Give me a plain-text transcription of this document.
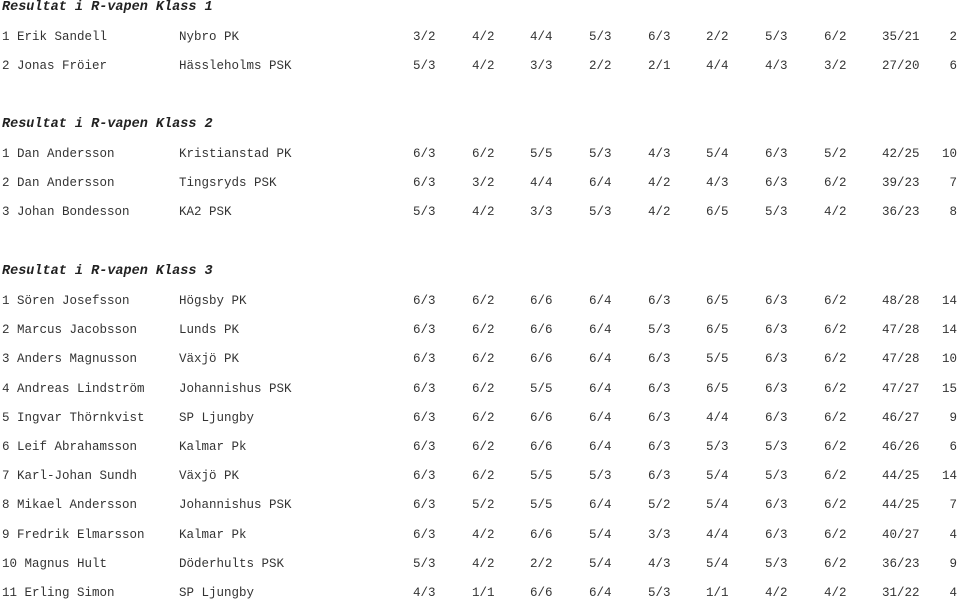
Resultat i R-vapen Klass 1
1 Erik Sandell	Nybro PK	3/2	4/2	4/4	5/3	6/3	2/2	5/3	6/2	35/21 2
2 Jonas Fröier	Hässleholms PSK	5/3	4/2	3/3	2/2	2/1	4/4	4/3	3/2	27/20 6
Resultat i R-vapen Klass 2
1 Dan Andersson	Kristianstad PK	6/3	6/2	5/5	5/3	4/3	5/4	6/3	5/2	42/25 10
2 Dan Andersson	Tingsryds PSK	6/3	3/2	4/4	6/4	4/2	4/3	6/3	6/2	39/23 7
3 Johan Bondesson	KA2 PSK	5/3	4/2	3/3	5/3	4/2	6/5	5/3	4/2	36/23 8
Resultat i R-vapen Klass 3
1 Sören Josefsson	Högsby PK	6/3	6/2	6/6	6/4	6/3	6/5	6/3	6/2	48/28 14
2 Marcus Jacobsson	Lunds PK	6/3	6/2	6/6	6/4	5/3	6/5	6/3	6/2	47/28 14
3 Anders Magnusson	Växjö PK	6/3	6/2	6/6	6/4	6/3	5/5	6/3	6/2	47/28 10
4 Andreas Lindström	Johannishus PSK	6/3	6/2	5/5	6/4	6/3	6/5	6/3	6/2	47/27 15
5 Ingvar Thörnkvist	SP Ljungby	6/3	6/2	6/6	6/4	6/3	4/4	6/3	6/2	46/27 9
6 Leif Abrahamsson	Kalmar Pk	6/3	6/2	6/6	6/4	6/3	5/3	5/3	6/2	46/26 6
7 Karl-Johan Sundh	Växjö PK	6/3	6/2	5/5	5/3	6/3	5/4	5/3	6/2	44/25 14
8 Mikael Andersson	Johannishus PSK	6/3	5/2	5/5	6/4	5/2	5/4	6/3	6/2	44/25 7
9 Fredrik Elmarsson	Kalmar Pk	6/3	4/2	6/6	5/4	3/3	4/4	6/3	6/2	40/27 4
10 Magnus Hult	Döderhults PSK	5/3	4/2	2/2	5/4	4/3	5/4	5/3	6/2	36/23 9
11 Erling Simon	SP Ljungby	4/3	1/1	6/6	6/4	5/3	1/1	4/2	4/2	31/22 4
